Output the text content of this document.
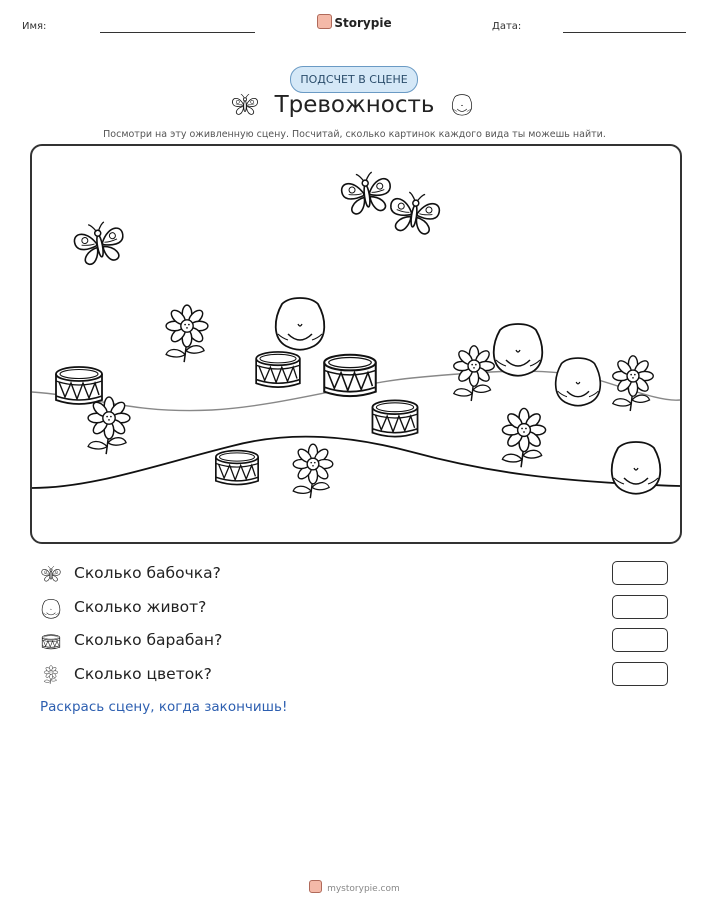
Имя:	Storypie	Дата:
ПОДСЧЕТ В СЦЕНЕ
Тревожность
Посмотри на эту оживленную сцену. Посчитай, сколько картинок каждого вида ты можешь найти.
Сколько бабочка?
Сколько живот?
Сколько барабан?
Сколько цветок?
Раскрась сцену, когда закончишь!
mystorypie.com
